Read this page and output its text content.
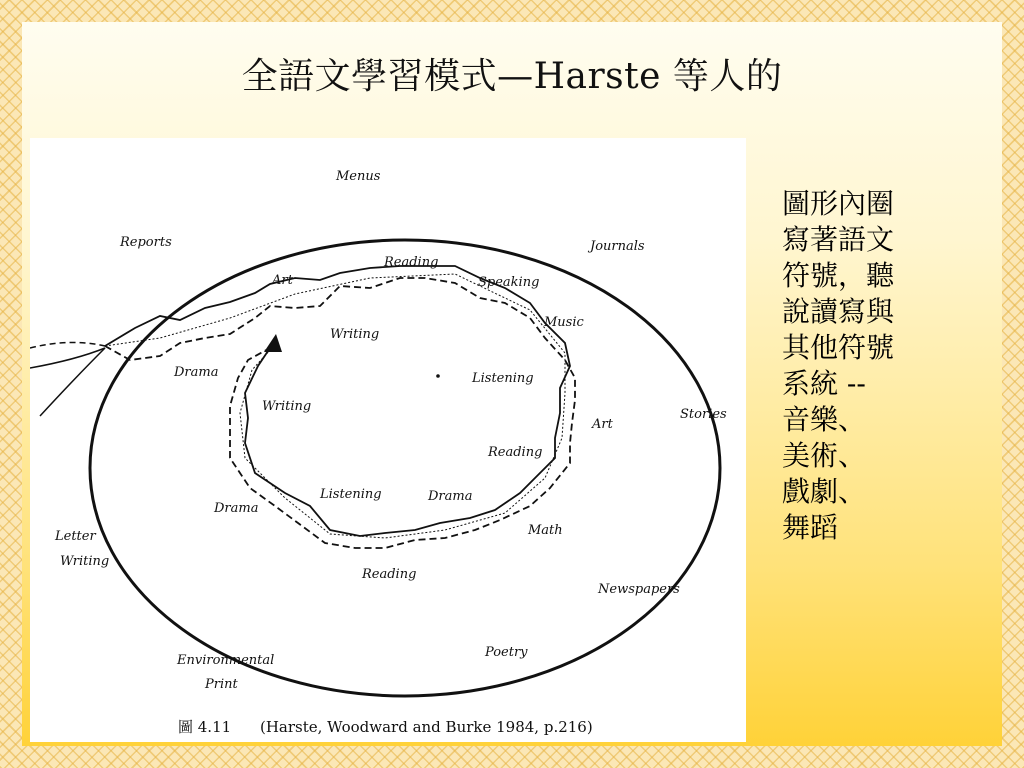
全語文學習模式—Harste 等人的
Menus
Reports	Journals
Stories
Letter
Writing
Newspapers
Environmental
Print
Poetry
Drama
Art
Writing
Reading
Speaking
Music
Listening
Art
Reading
Math
Drama
Reading
Listening
Drama
Writing
圖 4.11 (Harste, Woodward and Burke 1984, p.216)
圖形內圈
寫著語文
符號，聽
說讀寫與
其他符號
系統 --
音樂、
美術、
戲劇、
舞蹈
